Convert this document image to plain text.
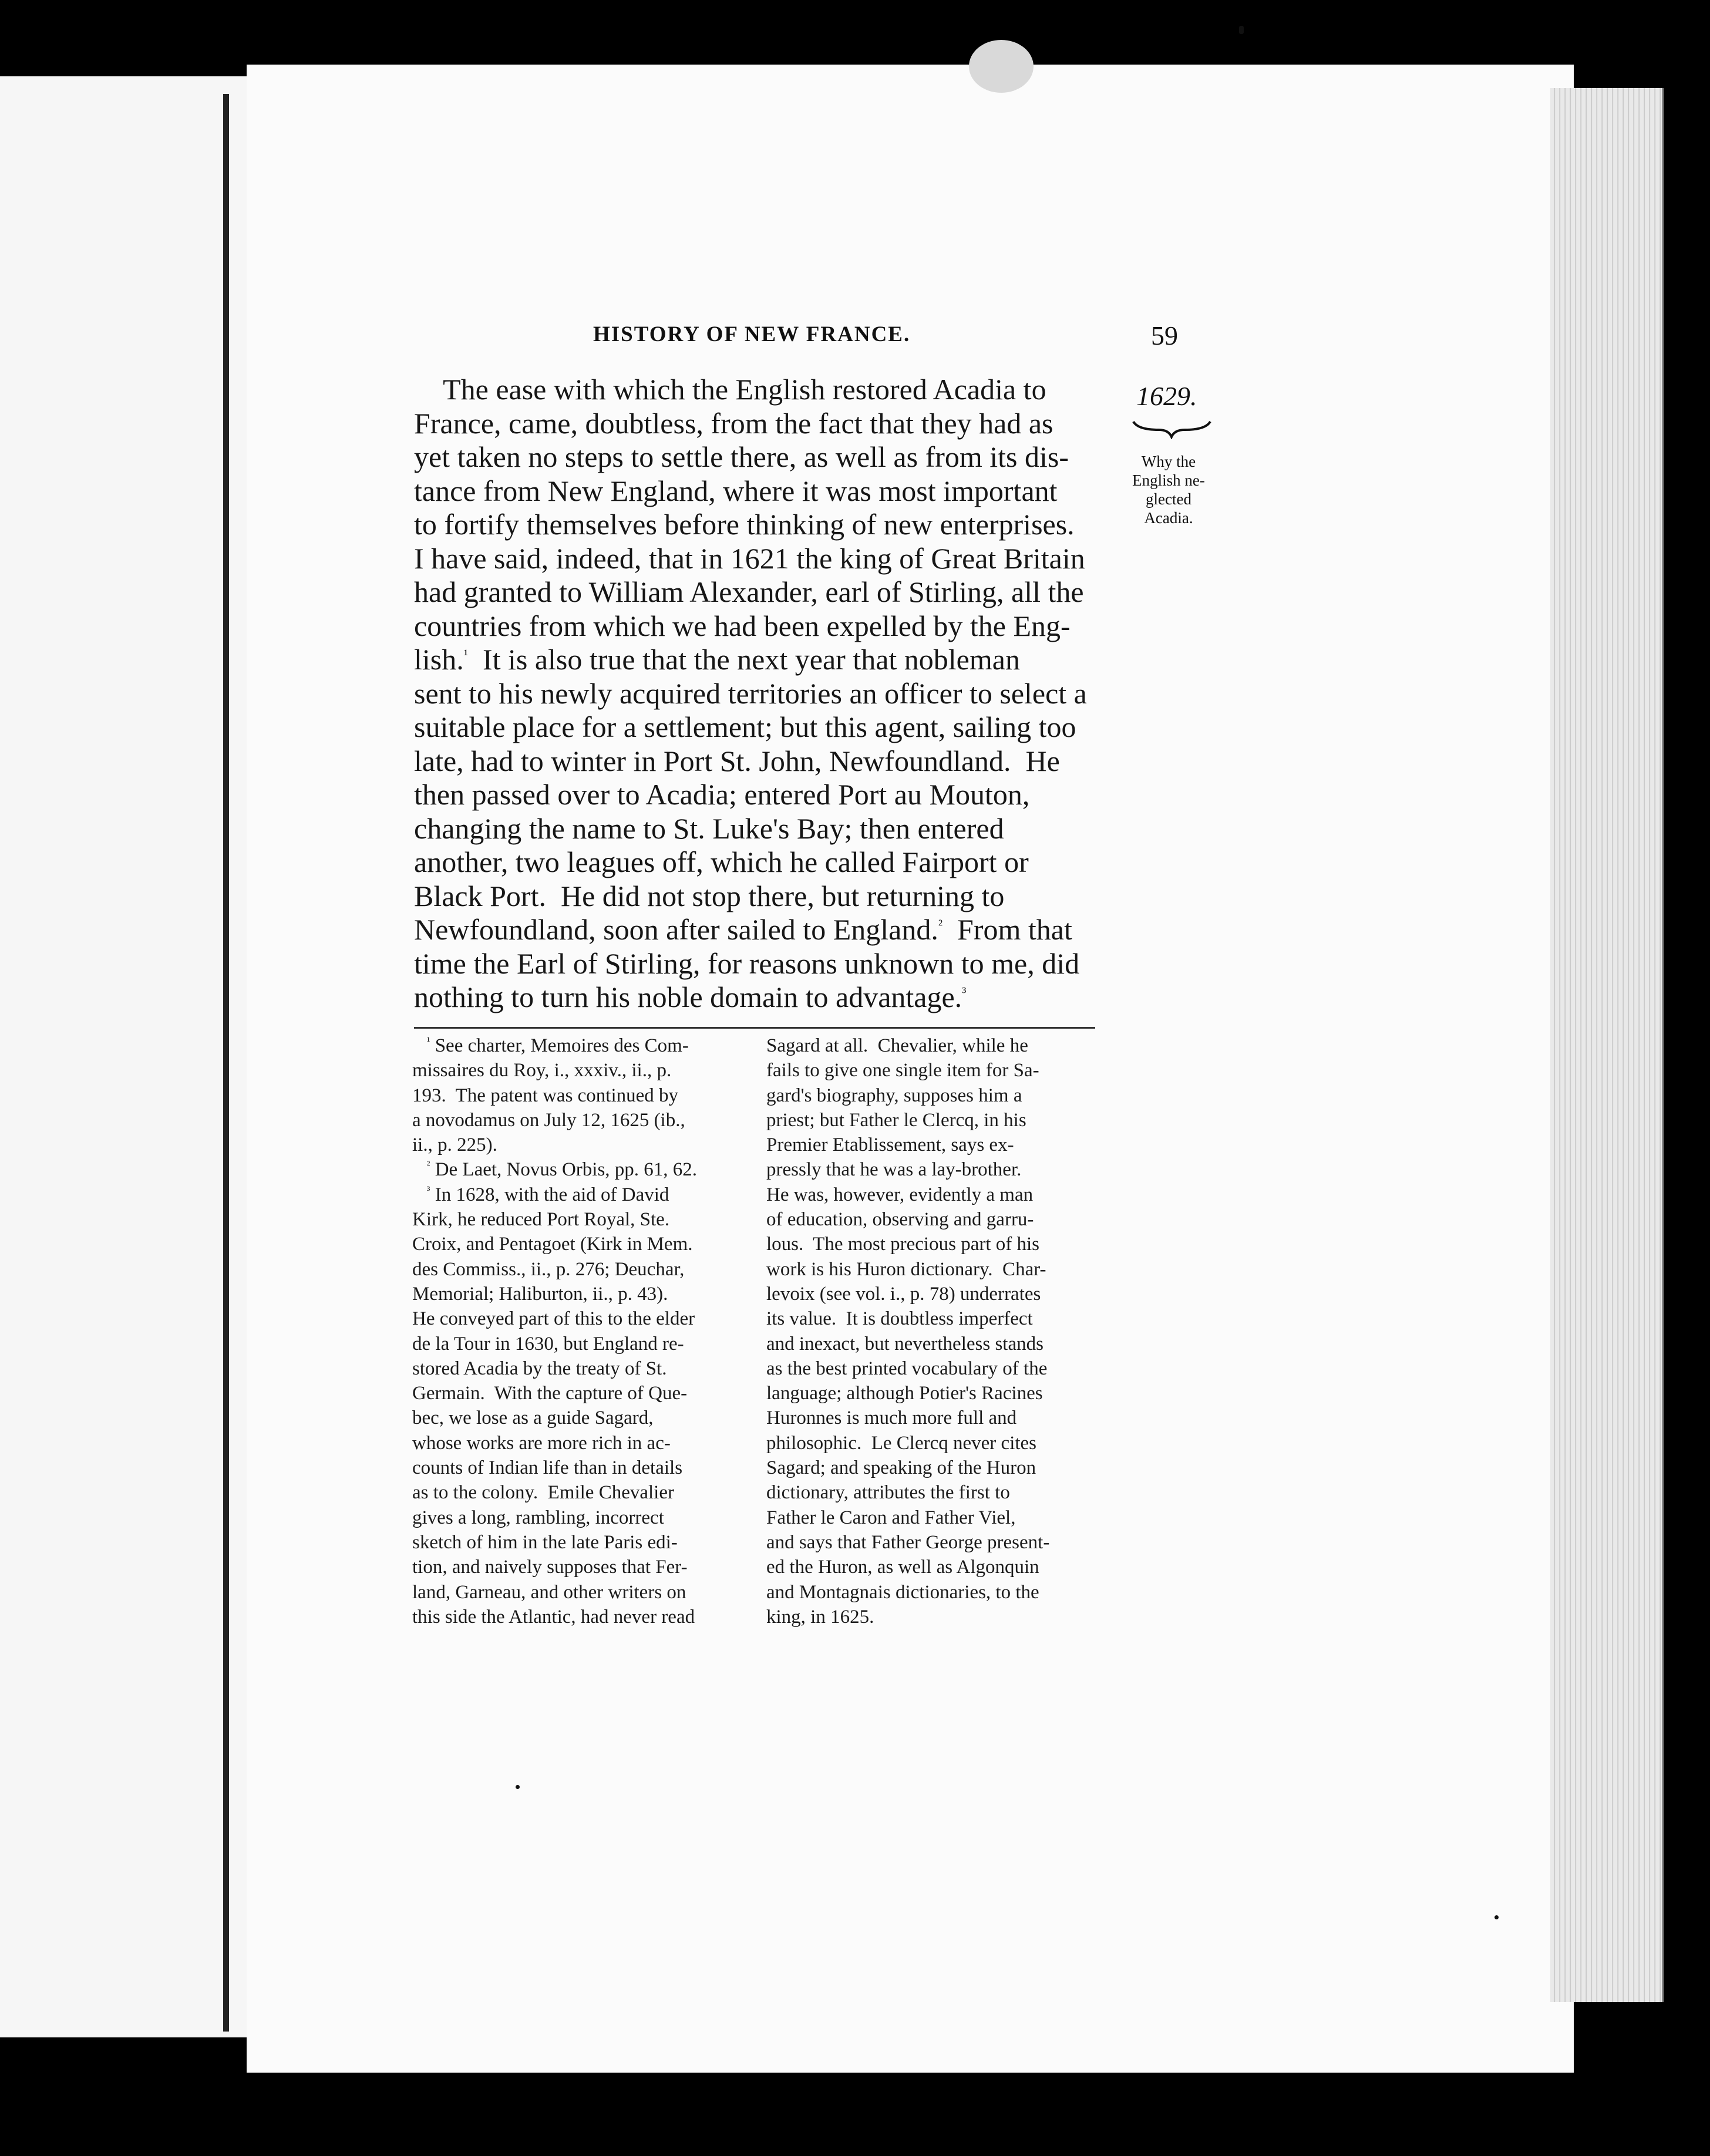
HISTORY OF NEW FRANCE.	59
1629.
Why the
English ne-
glected
Acadia.
The ease with which the English restored Acadia to
France, came, doubtless, from the fact that they had as
yet taken no steps to settle there, as well as from its dis-
tance from New England, where it was most important
to fortify themselves before thinking of new enterprises.
I have said, indeed, that in 1621 the king of Great Britain
had granted to William Alexander, earl of Stirling, all the
countries from which we had been expelled by the Eng-
lish.$^{^1}$  It is also true that the next year that nobleman
sent to his newly acquired territories an officer to select a
suitable place for a settlement; but this agent, sailing too
late, had to winter in Port St. John, Newfoundland.  He
then passed over to Acadia; entered Port au Mouton,
changing the name to St. Luke's Bay; then entered
another, two leagues off, which he called Fairport or
Black Port.  He did not stop there, but returning to
Newfoundland, soon after sailed to England.$^{^2}$  From that
time the Earl of Stirling, for reasons unknown to me, did
nothing to turn his noble domain to advantage.$^{^3}$
$^{^1}$ See charter, Memoires des Com-
missaires du Roy, i., xxxiv., ii., p.
193.  The patent was continued by
a novodamus on July 12, 1625 (ib.,
ii., p. 225).
$^{^2}$ De Laet, Novus Orbis, pp. 61, 62.
$^{^3}$ In 1628, with the aid of David
Kirk, he reduced Port Royal, Ste.
Croix, and Pentagoet (Kirk in Mem.
des Commiss., ii., p. 276; Deuchar,
Memorial; Haliburton, ii., p. 43).
He conveyed part of this to the elder
de la Tour in 1630, but England re-
stored Acadia by the treaty of St.
Germain.  With the capture of Que-
bec, we lose as a guide Sagard,
whose works are more rich in ac-
counts of Indian life than in details
as to the colony.  Emile Chevalier
gives a long, rambling, incorrect
sketch of him in the late Paris edi-
tion, and naively supposes that Fer-
land, Garneau, and other writers on
this side the Atlantic, had never read
Sagard at all.  Chevalier, while he
fails to give one single item for Sa-
gard's biography, supposes him a
priest; but Father le Clercq, in his
Premier Etablissement, says ex-
pressly that he was a lay-brother.
He was, however, evidently a man
of education, observing and garru-
lous.  The most precious part of his
work is his Huron dictionary.  Char-
levoix (see vol. i., p. 78) underrates
its value.  It is doubtless imperfect
and inexact, but nevertheless stands
as the best printed vocabulary of the
language; although Potier's Racines
Huronnes is much more full and
philosophic.  Le Clercq never cites
Sagard; and speaking of the Huron
dictionary, attributes the first to
Father le Caron and Father Viel,
and says that Father George present-
ed the Huron, as well as Algonquin
and Montagnais dictionaries, to the
king, in 1625.
